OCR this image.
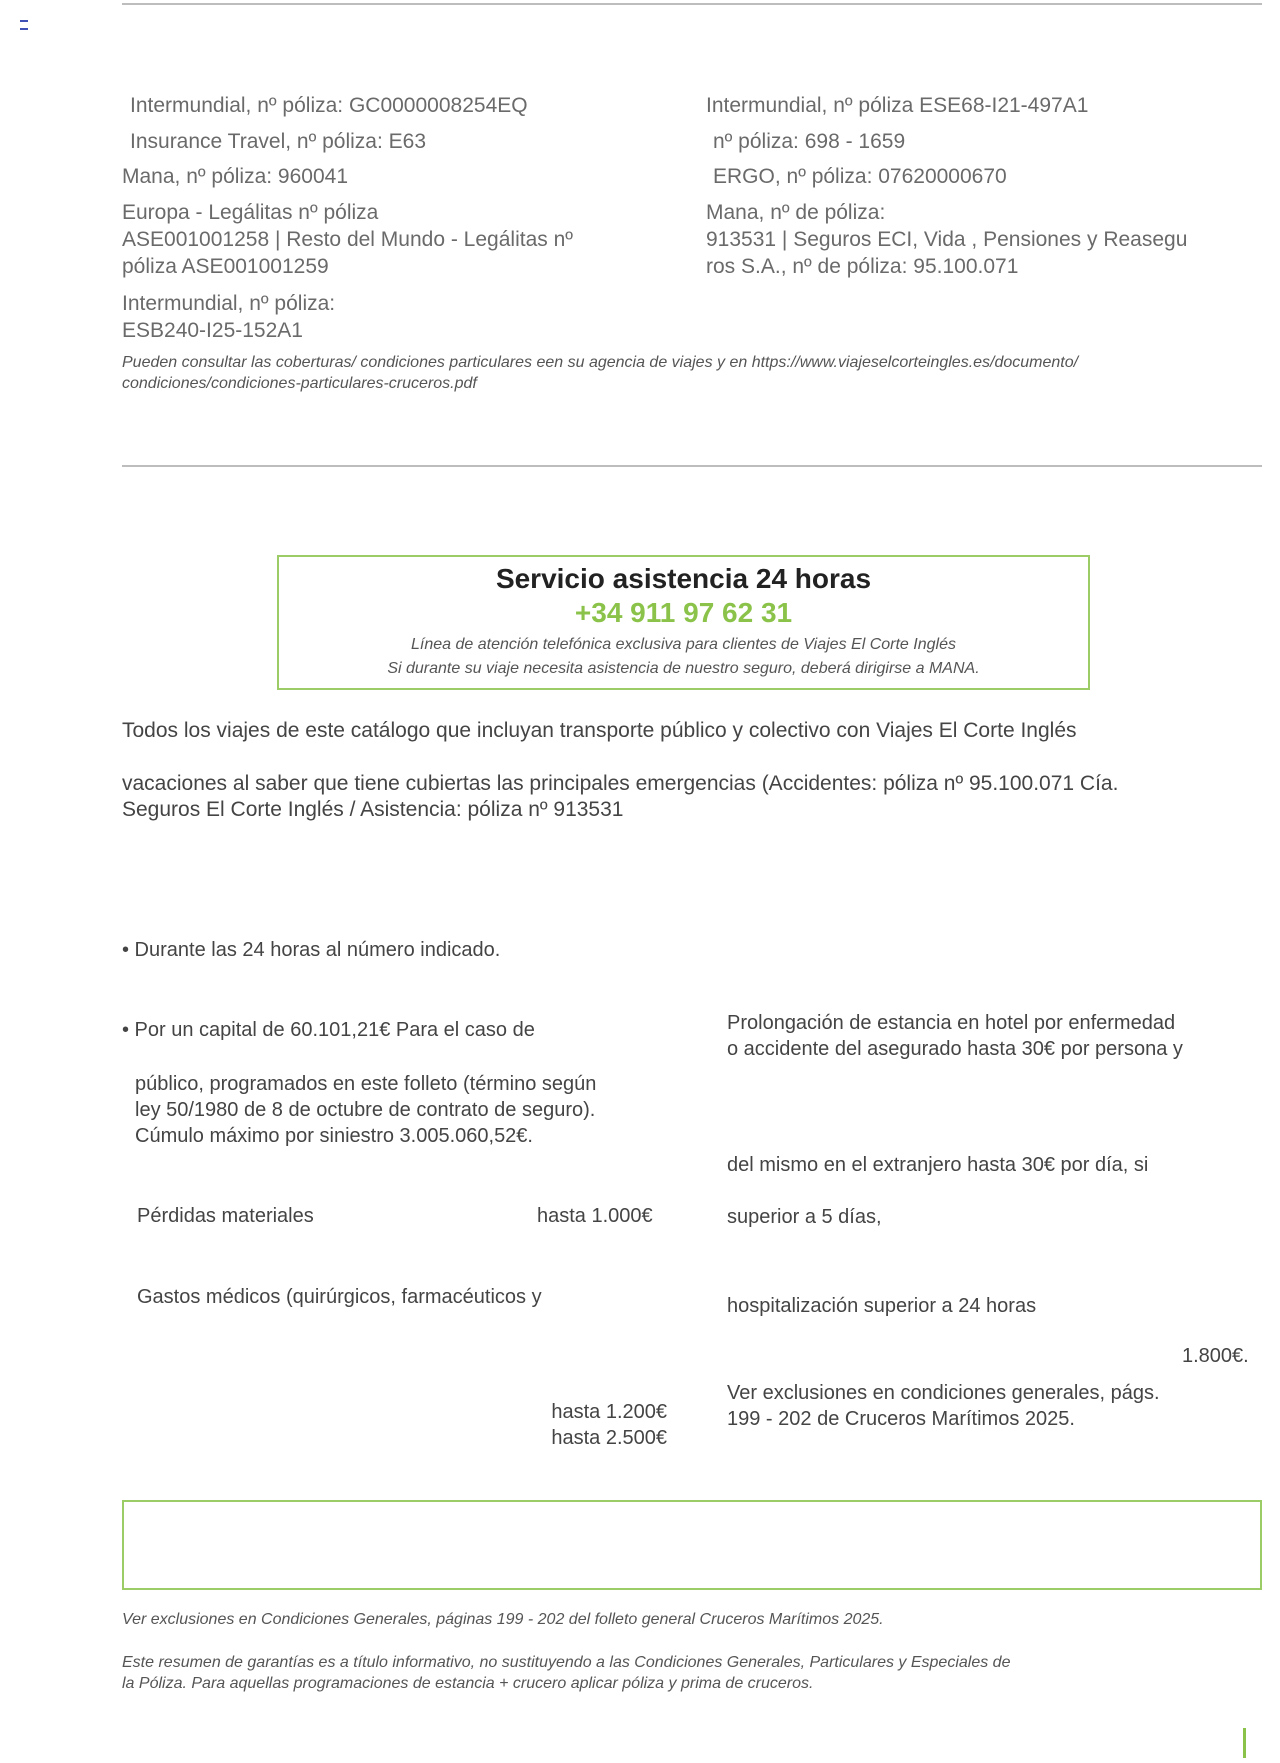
Intermundial, nº póliza: GC0000008254EQ
Insurance Travel, nº póliza: E63
Mana, nº póliza: 960041
Europa - Legálitas nº póliza
ASE001001258 | Resto del Mundo - Legálitas nº
póliza ASE001001259
Intermundial, nº póliza:
ESB240-I25-152A1
Intermundial, nº póliza ESE68-I21-497A1
nº póliza: 698 - 1659
ERGO, nº póliza: 07620000670
Mana, nº de póliza:
913531 | Seguros ECI, Vida , Pensiones y Reasegu
ros S.A., nº de póliza: 95.100.071
Pueden consultar las coberturas/ condiciones particulares een su agencia de viajes y en https://www.viajeselcorteingles.es/documento/
condiciones/condiciones-particulares-cruceros.pdf
Servicio asistencia 24 horas
+34 911 97 62 31
Línea de atención telefónica exclusiva para clientes de Viajes El Corte Inglés
Si durante su viaje necesita asistencia de nuestro seguro, deberá dirigirse a MANA.
Todos los viajes de este catálogo que incluyan transporte público y colectivo con Viajes El Corte Inglés
vacaciones al saber que tiene cubiertas las principales emergencias (Accidentes: póliza nº 95.100.071 Cía.
Seguros El Corte Inglés / Asistencia: póliza nº 913531
• Durante las 24 horas al número indicado.
• Por un capital de 60.101,21€ Para el caso de
público, programados en este folleto (término según
ley 50/1980 de 8 de octubre de contrato de seguro).
Cúmulo máximo por siniestro 3.005.060,52€.
Pérdidas materiales	hasta 1.000€
Gastos médicos (quirúrgicos, farmacéuticos y
hasta 1.200€
hasta 2.500€
Prolongación de estancia en hotel por enfermedad
o accidente del asegurado hasta 30€ por persona y
del mismo en el extranjero hasta 30€ por día, si
superior a 5 días,
hospitalización superior a 24 horas
1.800€.
Ver exclusiones en condiciones generales, págs.
199 - 202 de Cruceros Marítimos 2025.
Ver exclusiones en Condiciones Generales, páginas 199 - 202 del folleto general Cruceros Marítimos 2025.
Este resumen de garantías es a título informativo, no sustituyendo a las Condiciones Generales, Particulares y Especiales de
la Póliza. Para aquellas programaciones de estancia + crucero aplicar póliza y prima de cruceros.
